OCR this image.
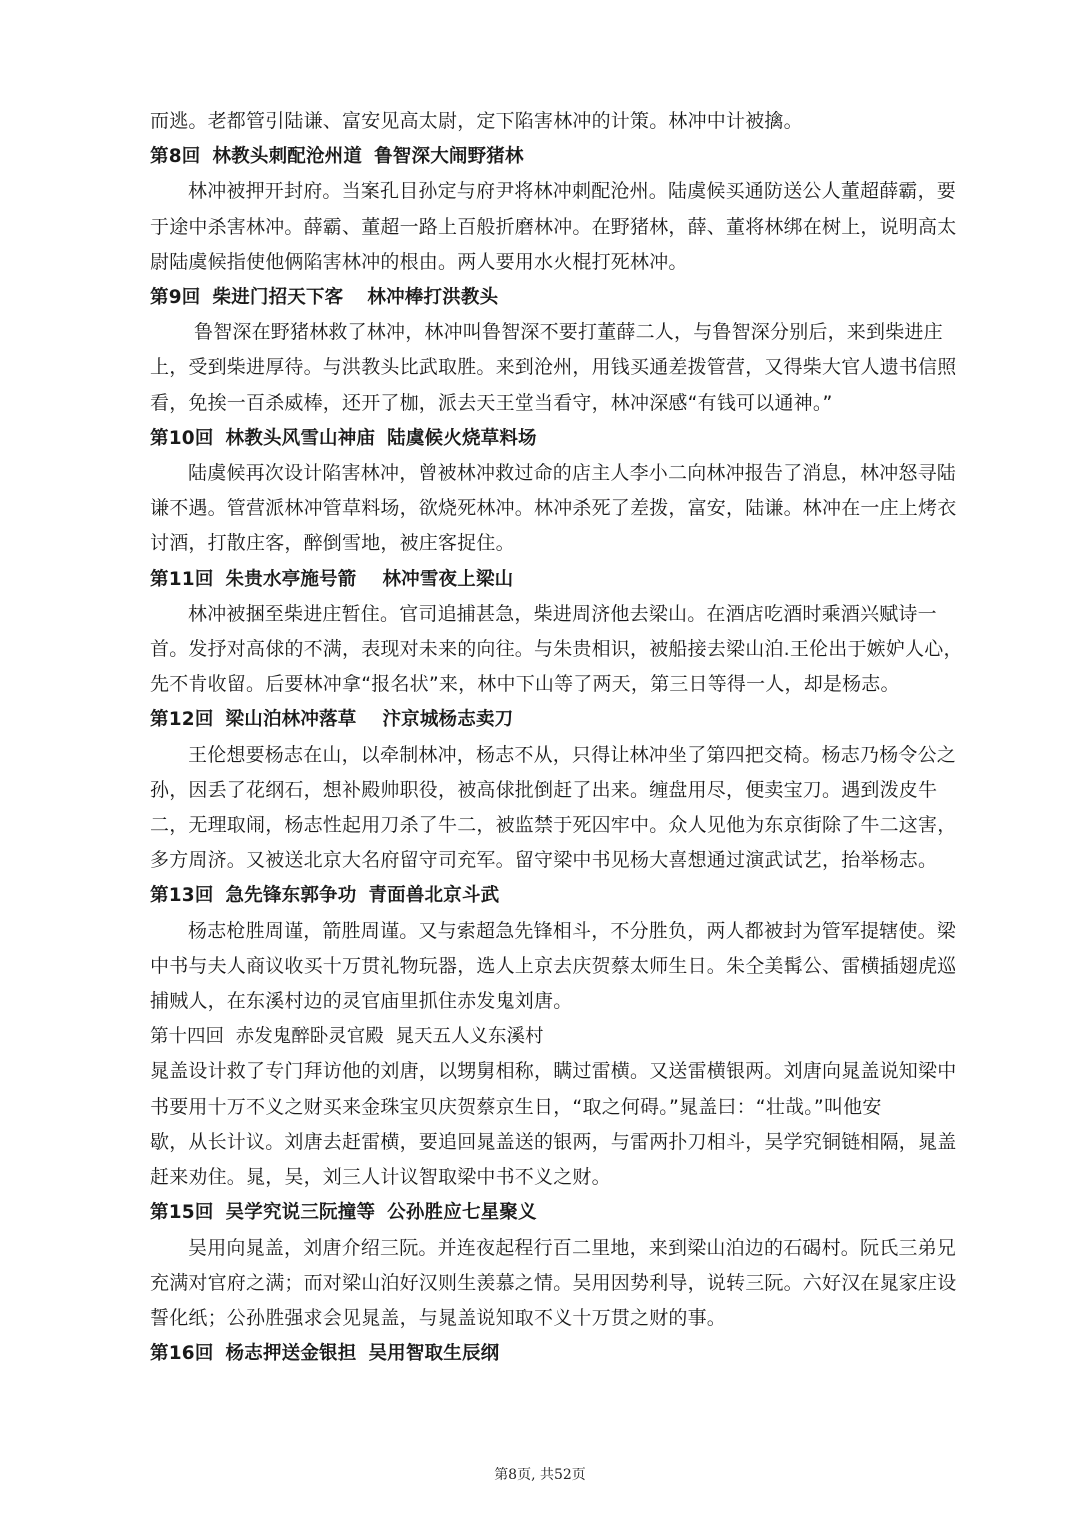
而逃。老都管引陆谦、富安见高太尉，定下陷害林冲的计策。林冲中计被擒。
第8回 林教头刺配沧州道 鲁智深大闹野猪林
林冲被押开封府。当案孔目孙定与府尹将林冲刺配沧州。陆虞候买通防送公人董超薛霸，要
于途中杀害林冲。薛霸、董超一路上百般折磨林冲。在野猪林，薛、董将林绑在树上，说明高太
尉陆虞候指使他俩陷害林冲的根由。两人要用水火棍打死林冲。
第9回 柴进门招天下客 林冲棒打洪教头
鲁智深在野猪林救了林冲，林冲叫鲁智深不要打董薛二人，与鲁智深分别后，来到柴进庄
上，受到柴进厚待。与洪教头比武取胜。来到沧州，用钱买通差拨管营，又得柴大官人遗书信照
看，免挨一百杀威棒，还开了枷，派去天王堂当看守，林冲深感“有钱可以通神。”
第10回 林教头风雪山神庙 陆虞候火烧草料场
陆虞候再次设计陷害林冲，曾被林冲救过命的店主人李小二向林冲报告了消息，林冲怒寻陆
谦不遇。管营派林冲管草料场，欲烧死林冲。林冲杀死了差拨，富安，陆谦。林冲在一庄上烤衣
讨酒，打散庄客，醉倒雪地，被庄客捉住。
第11回 朱贵水亭施号箭 林冲雪夜上梁山
林冲被捆至柴进庄暂住。官司追捕甚急，柴进周济他去梁山。在酒店吃酒时乘酒兴赋诗一
首。发抒对高俅的不满，表现对未来的向往。与朱贵相识，被船接去梁山泊.王伦出于嫉妒人心，
先不肯收留。后要林冲拿“报名状”来，林中下山等了两天，第三日等得一人，却是杨志。
第12回 梁山泊林冲落草 汴京城杨志卖刀
王伦想要杨志在山，以牵制林冲，杨志不从，只得让林冲坐了第四把交椅。杨志乃杨令公之
孙，因丢了花纲石，想补殿帅职役，被高俅批倒赶了出来。缠盘用尽，便卖宝刀。遇到泼皮牛
二，无理取闹，杨志性起用刀杀了牛二，被监禁于死囚牢中。众人见他为东京街除了牛二这害，
多方周济。又被送北京大名府留守司充军。留守梁中书见杨大喜想通过演武试艺，抬举杨志。
第13回 急先锋东郭争功 青面兽北京斗武
杨志枪胜周谨，箭胜周谨。又与索超急先锋相斗，不分胜负，两人都被封为管军提辖使。梁
中书与夫人商议收买十万贯礼物玩器，选人上京去庆贺蔡太师生日。朱仝美髯公、雷横插翅虎巡
捕贼人，在东溪村边的灵官庙里抓住赤发鬼刘唐。
第十四回  赤发鬼醉卧灵官殿  晁天五人义东溪村
晁盖设计救了专门拜访他的刘唐，以甥舅相称，瞒过雷横。又送雷横银两。刘唐向晁盖说知梁中
书要用十万不义之财买来金珠宝贝庆贺蔡京生日，“取之何碍。”晁盖曰：“壮哉。”叫他安
歇，从长计议。刘唐去赶雷横，要追回晁盖送的银两，与雷两扑刀相斗，吴学究铜链相隔，晁盖
赶来劝住。晁，吴，刘三人计议智取梁中书不义之财。
第15回 吴学究说三阮撞等 公孙胜应七星聚义
吴用向晁盖，刘唐介绍三阮。并连夜起程行百二里地，来到梁山泊边的石碣村。阮氏三弟兄
充满对官府之满；而对梁山泊好汉则生羡慕之情。吴用因势利导，说转三阮。六好汉在晁家庄设
誓化纸；公孙胜强求会见晁盖，与晁盖说知取不义十万贯之财的事。
第16回 杨志押送金银担 吴用智取生辰纲
第8页, 共52页
